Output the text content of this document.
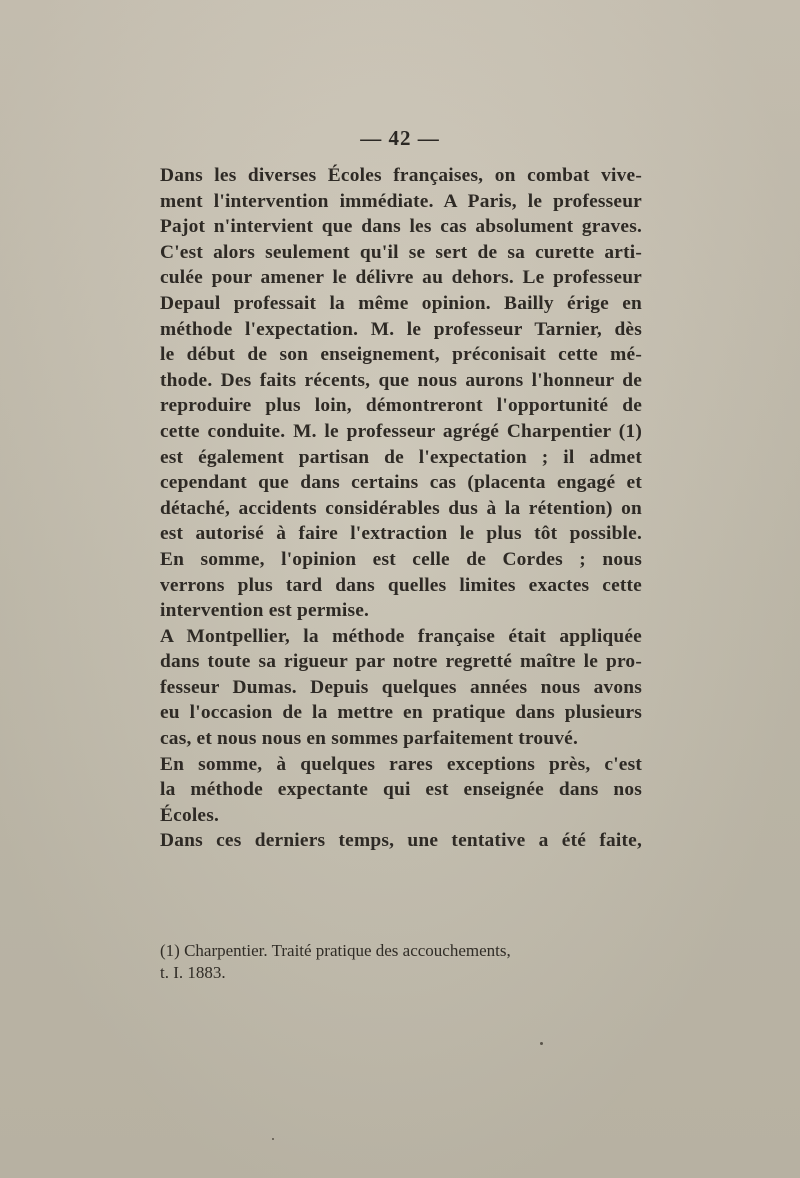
— 42 —
Dans les diverses Écoles françaises, on combat vive-
ment l'intervention immédiate. A Paris, le professeur
Pajot n'intervient que dans les cas absolument graves.
C'est alors seulement qu'il se sert de sa curette arti-
culée pour amener le délivre au dehors. Le professeur
Depaul professait la même opinion. Bailly érige en
méthode l'expectation. M. le professeur Tarnier, dès
le début de son enseignement, préconisait cette mé-
thode. Des faits récents, que nous aurons l'honneur de
reproduire plus loin, démontreront l'opportunité de
cette conduite. M. le professeur agrégé Charpentier (1)
est également partisan de l'expectation ; il admet
cependant que dans certains cas (placenta engagé et
détaché, accidents considérables dus à la rétention) on
est autorisé à faire l'extraction le plus tôt possible.
En somme, l'opinion est celle de Cordes ; nous
verrons plus tard dans quelles limites exactes cette
intervention est permise.
A Montpellier, la méthode française était appliquée
dans toute sa rigueur par notre regretté maître le pro-
fesseur Dumas. Depuis quelques années nous avons
eu l'occasion de la mettre en pratique dans plusieurs
cas, et nous nous en sommes parfaitement trouvé.
En somme, à quelques rares exceptions près, c'est
la méthode expectante qui est enseignée dans nos
Écoles.
Dans ces derniers temps, une tentative a été faite,
(1) Charpentier. Traité pratique des accouchements,
t. I. 1883.
